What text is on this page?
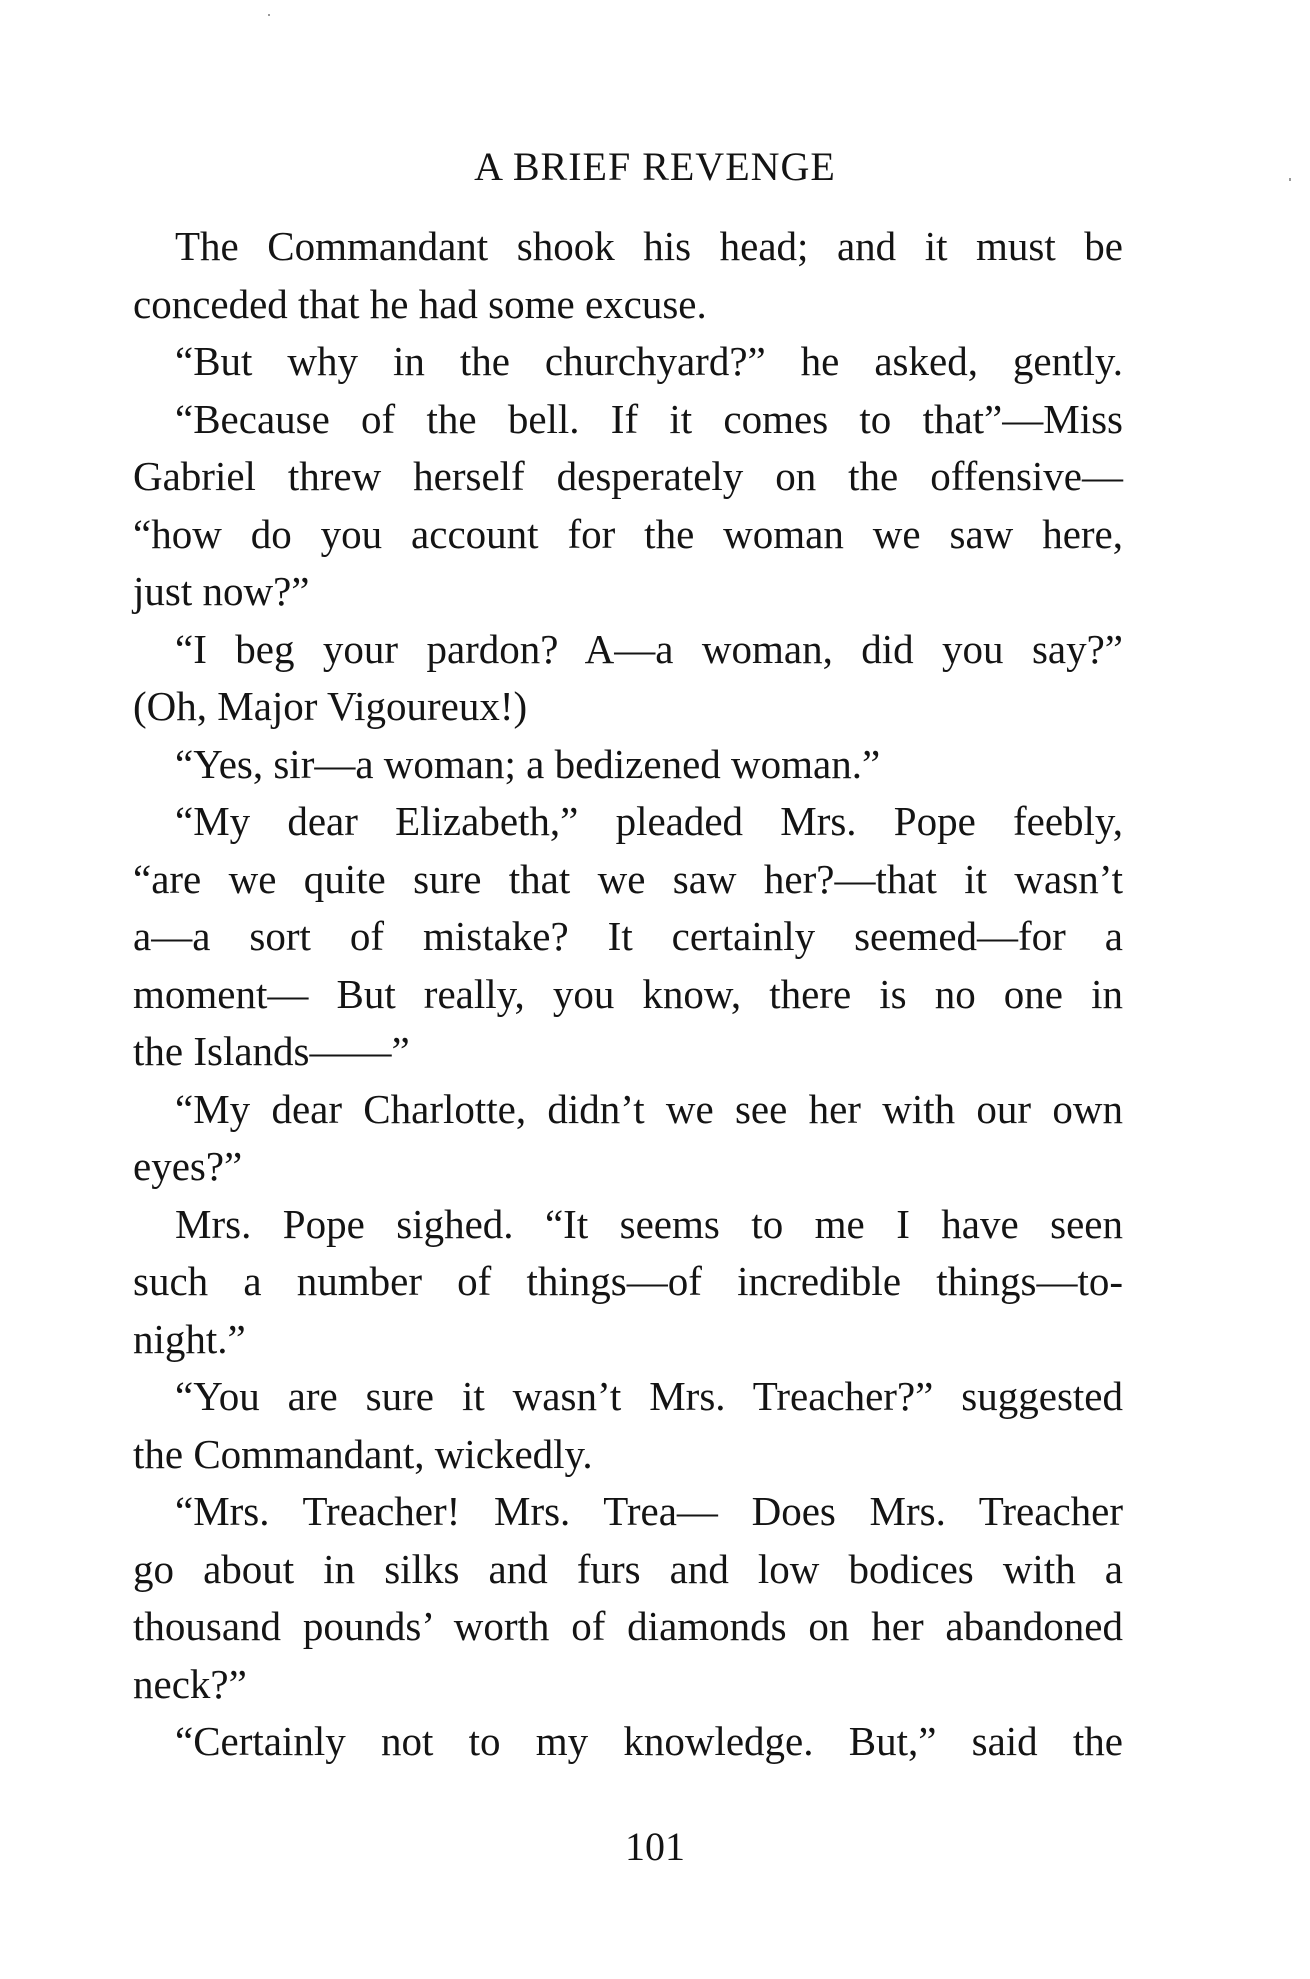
A BRIEF REVENGE
The Commandant shook his head; and it must be
conceded that he had some excuse.
“But why in the churchyard?” he asked, gently.
“Because of the bell. If it comes to that”—Miss
Gabriel threw herself desperately on the offensive—
“how do you account for the woman we saw here,
just now?”
“I beg your pardon? A—a woman, did you say?”
(Oh, Major Vigoureux!)
“Yes, sir—a woman; a bedizened woman.”
“My dear Elizabeth,” pleaded Mrs. Pope feebly,
“are we quite sure that we saw her?—that it wasn’t
a—a sort of mistake? It certainly seemed—for a
moment— But really, you know, there is no one in
the Islands——”
“My dear Charlotte, didn’t we see her with our own
eyes?”
Mrs. Pope sighed. “It seems to me I have seen
such a number of things—of incredible things—to-
night.”
“You are sure it wasn’t Mrs. Treacher?” suggested
the Commandant, wickedly.
“Mrs. Treacher! Mrs. Trea— Does Mrs. Treacher
go about in silks and furs and low bodices with a
thousand pounds’ worth of diamonds on her abandoned
neck?”
“Certainly not to my knowledge. But,” said the
101
